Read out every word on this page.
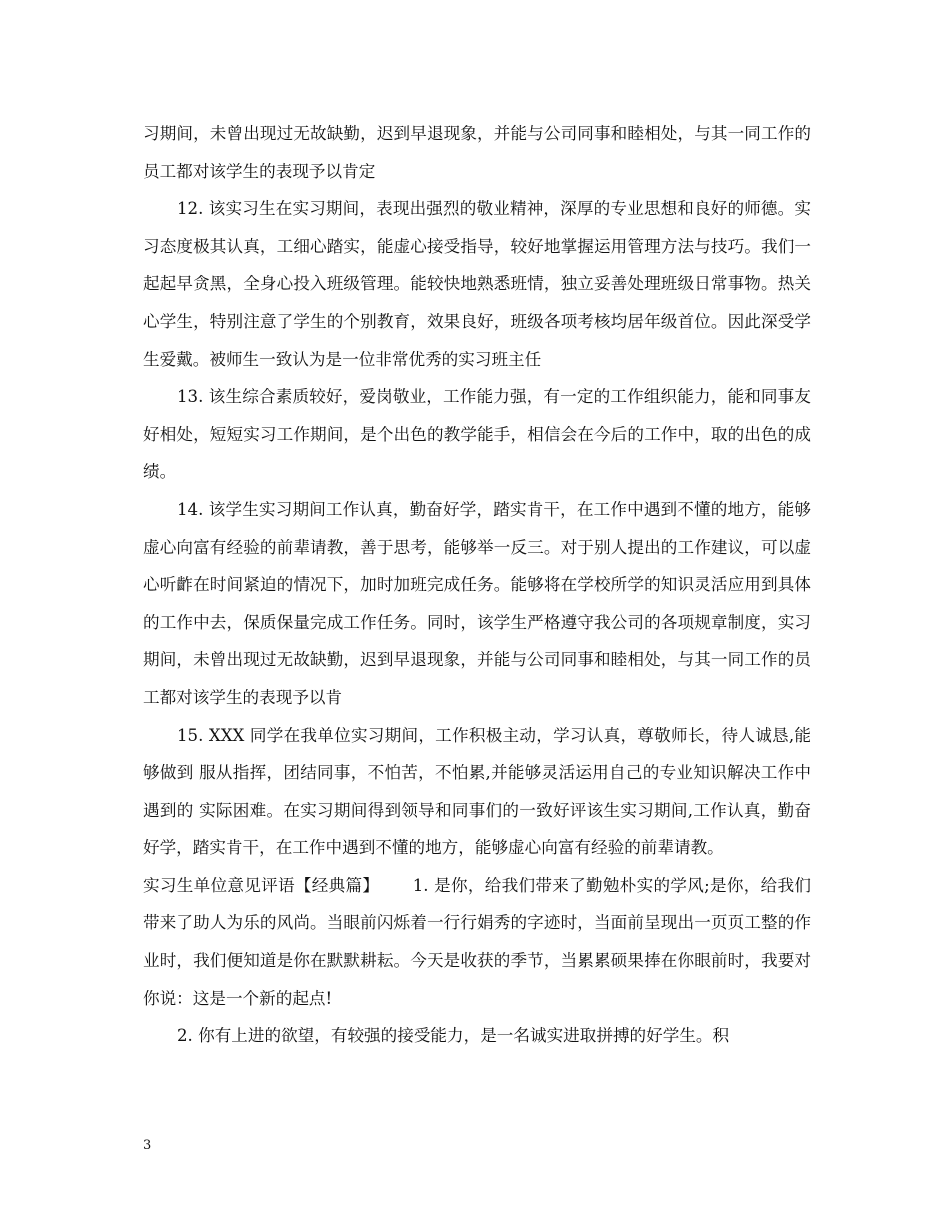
习期间，未曾出现过无故缺勤，迟到早退现象，并能与公司同事和睦相处，与其一同工作的员工都对该学生的表现予以肯定

12. 该实习生在实习期间，表现出强烈的敬业精神，深厚的专业思想和良好的师德。实习态度极其认真，工细心踏实，能虚心接受指导，较好地掌握运用管理方法与技巧。我们一起起早贪黑，全身心投入班级管理。能较快地熟悉班情，独立妥善处理班级日常事物。热关心学生，特别注意了学生的个别教育，效果良好，班级各项考核均居年级首位。因此深受学生爱戴。被师生一致认为是一位非常优秀的实习班主任

13. 该生综合素质较好，爱岗敬业，工作能力强，有一定的工作组织能力，能和同事友好相处，短短实习工作期间，是个出色的教学能手，相信会在今后的工作中，取的出色的成绩。

14. 该学生实习期间工作认真，勤奋好学，踏实肯干，在工作中遇到不懂的地方，能够虚心向富有经验的前辈请教，善于思考，能够举一反三。对于别人提出的工作建议，可以虚心听齚在时间紧迫的情况下，加时加班完成任务。能够将在学校所学的知识灵活应用到具体的工作中去，保质保量完成工作任务。同时，该学生严格遵守我公司的各项规章制度，实习期间，未曾出现过无故缺勤，迟到早退现象，并能与公司同事和睦相处，与其一同工作的员工都对该学生的表现予以肯

15. XXX 同学在我单位实习期间，工作积极主动，学习认真，尊敬师长，待人诚恳,能够做到 服从指挥，团结同事，不怕苦，不怕累,并能够灵活运用自己的专业知识解决工作中遇到的 实际困难。在实习期间得到领导和同事们的一致好评该生实习期间,工作认真，勤奋好学，踏实肯干，在工作中遇到不懂的地方，能够虚心向富有经验的前辈请教。

实习生单位意见评语【经典篇】 1. 是你，给我们带来了勤勉朴实的学风;是你，给我们带来了助人为乐的风尚。当眼前闪烁着一行行娟秀的字迹时，当面前呈现出一页页工整的作业时，我们便知道是你在默默耕耘。今天是收获的季节，当累累硕果捧在你眼前时，我要对你说：这是一个新的起点!

2. 你有上进的欲望，有较强的接受能力，是一名诚实进取拼搏的好学生。积

3
